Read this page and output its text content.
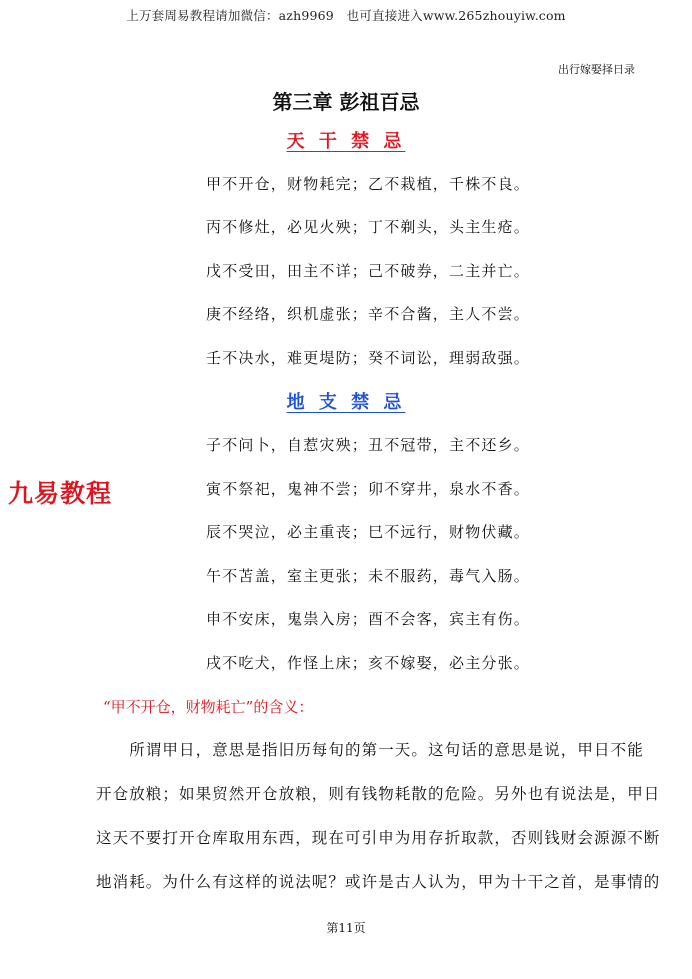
上万套周易教程请加微信：azh9969　也可直接进入www.265zhouyiw.com
出行嫁娶择日录
第三章 彭祖百忌
天 干 禁 忌
甲不开仓，财物耗完；乙不栽植，千株不良。
丙不修灶，必见火殃；丁不剃头，头主生疮。
戊不受田，田主不详；己不破券，二主并亡。
庚不经络，织机虚张；辛不合酱，主人不尝。
壬不决水，难更堤防；癸不词讼，理弱敌强。
地 支 禁 忌
子不问卜，自惹灾殃；丑不冠带，主不还乡。
寅不祭祀，鬼神不尝；卯不穿井，泉水不香。
辰不哭泣，必主重丧；巳不远行，财物伏藏。
午不苫盖，室主更张；未不服药，毒气入肠。
申不安床，鬼祟入房；酉不会客，宾主有伤。
戌不吃犬，作怪上床；亥不嫁娶，必主分张。
九易教程
“甲不开仓，财物耗亡”的含义：
　　所谓甲日，意思是指旧历每旬的第一天。这句话的意思是说，甲日不能
开仓放粮；如果贸然开仓放粮，则有钱物耗散的危险。另外也有说法是，甲日
这天不要打开仓库取用东西，现在可引申为用存折取款，否则钱财会源源不断
地消耗。为什么有这样的说法呢？或许是古人认为，甲为十干之首，是事情的
第11页
